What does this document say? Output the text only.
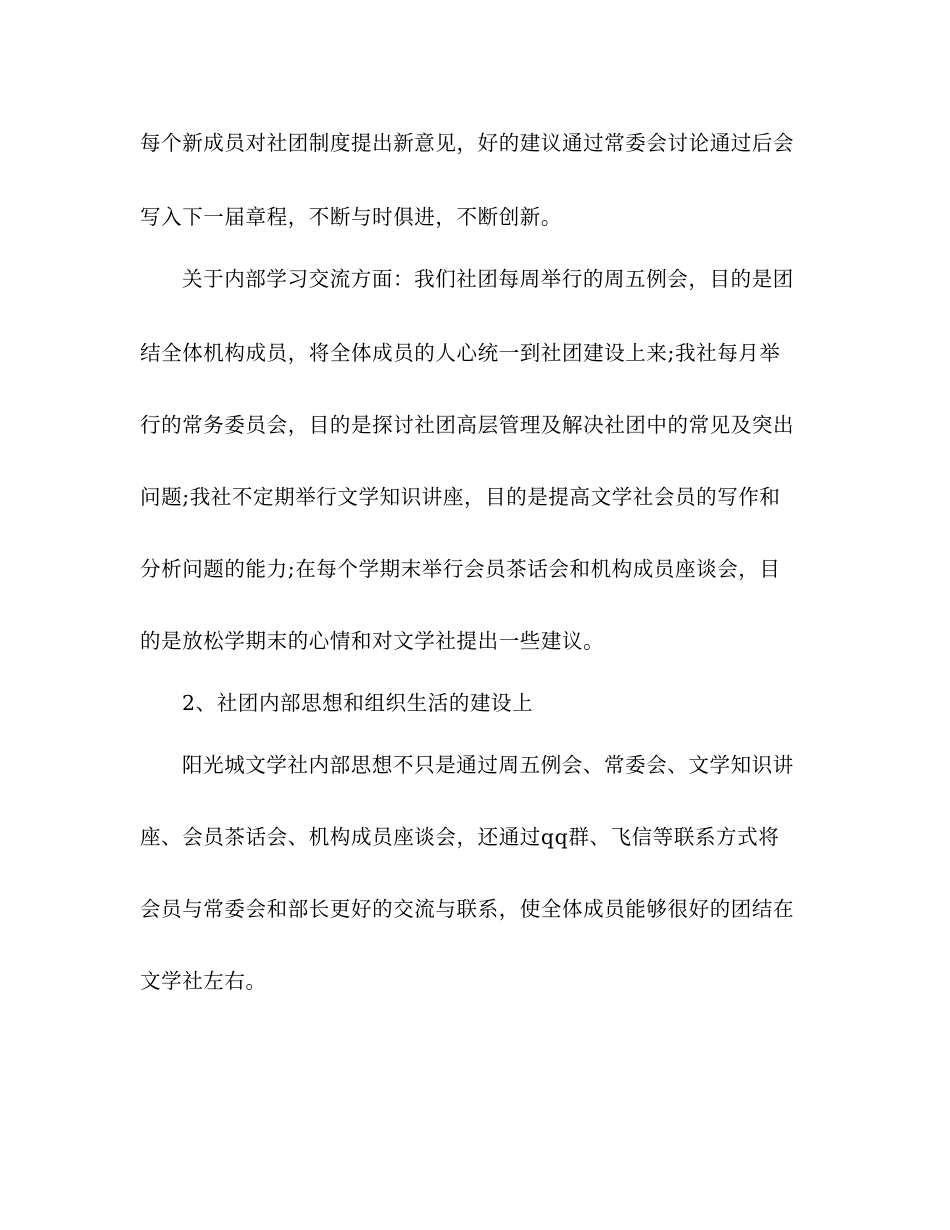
每个新成员对社团制度提出新意见，好的建议通过常委会讨论通过后会
写入下一届章程，不断与时俱进，不断创新。
关于内部学习交流方面：我们社团每周举行的周五例会，目的是团
结全体机构成员，将全体成员的人心统一到社团建设上来;我社每月举
行的常务委员会，目的是探讨社团高层管理及解决社团中的常见及突出
问题;我社不定期举行文学知识讲座，目的是提高文学社会员的写作和
分析问题的能力;在每个学期末举行会员茶话会和机构成员座谈会，目
的是放松学期末的心情和对文学社提出一些建议。
2、社团内部思想和组织生活的建设上
阳光城文学社内部思想不只是通过周五例会、常委会、文学知识讲
座、会员茶话会、机构成员座谈会，还通过qq群、飞信等联系方式将
会员与常委会和部长更好的交流与联系，使全体成员能够很好的团结在
文学社左右。
